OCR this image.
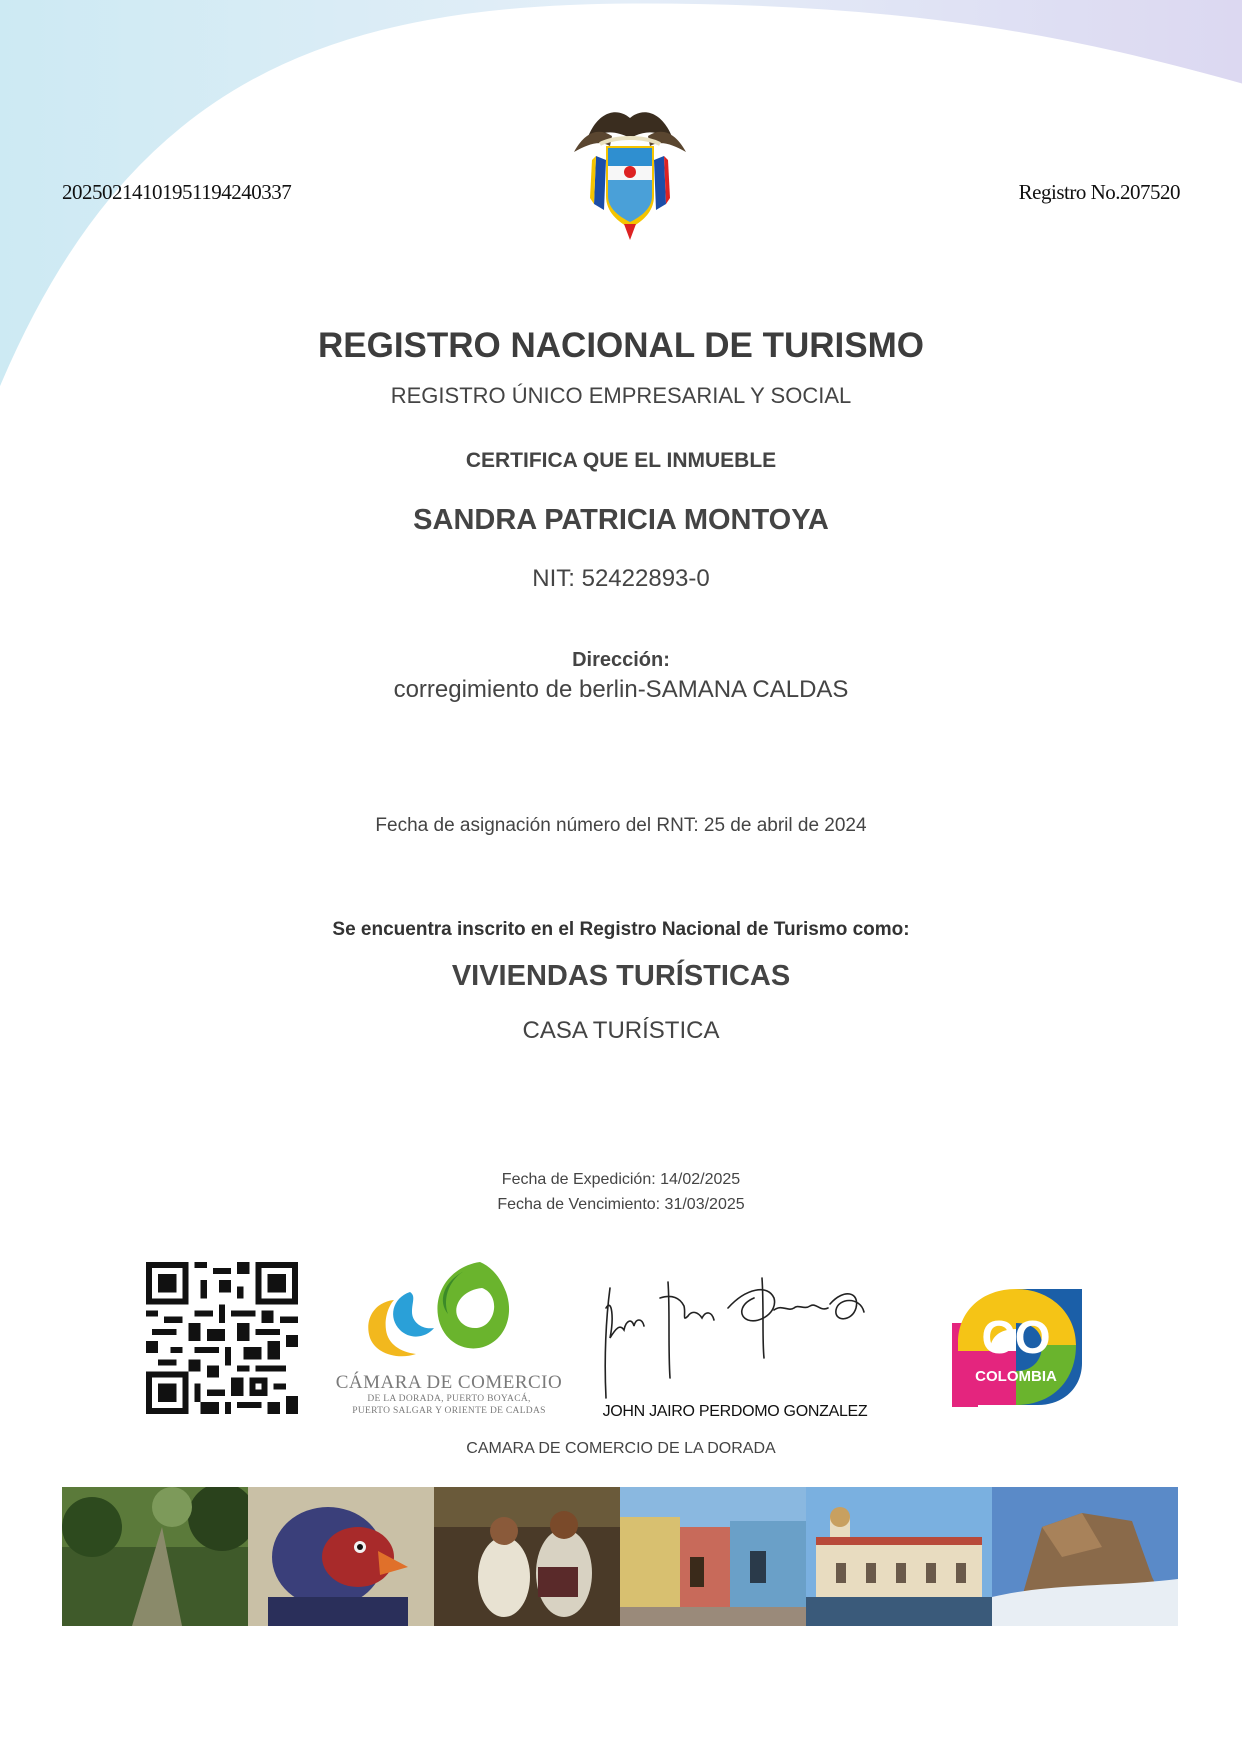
20250214101951194240337	Registro No.207520
REGISTRO NACIONAL DE TURISMO
REGISTRO ÚNICO EMPRESARIAL Y SOCIAL
CERTIFICA QUE EL INMUEBLE
SANDRA PATRICIA MONTOYA
NIT: 52422893-0
Dirección:
corregimiento de berlin-SAMANA CALDAS
Fecha de asignación número del RNT: 25 de abril de 2024
Se encuentra inscrito en el Registro Nacional de Turismo como:
VIVIENDAS TURÍSTICAS
CASA TURÍSTICA
Fecha de Expedición: 14/02/2025
Fecha de Vencimiento: 31/03/2025
CÁMARA DE COMERCIO
DE LA DORADA, PUERTO BOYACÁ,
PUERTO SALGAR Y ORIENTE DE CALDAS	JOHN JAIRO PERDOMO GONZALEZ
CO
COLOMBIA
CAMARA DE COMERCIO DE LA DORADA
